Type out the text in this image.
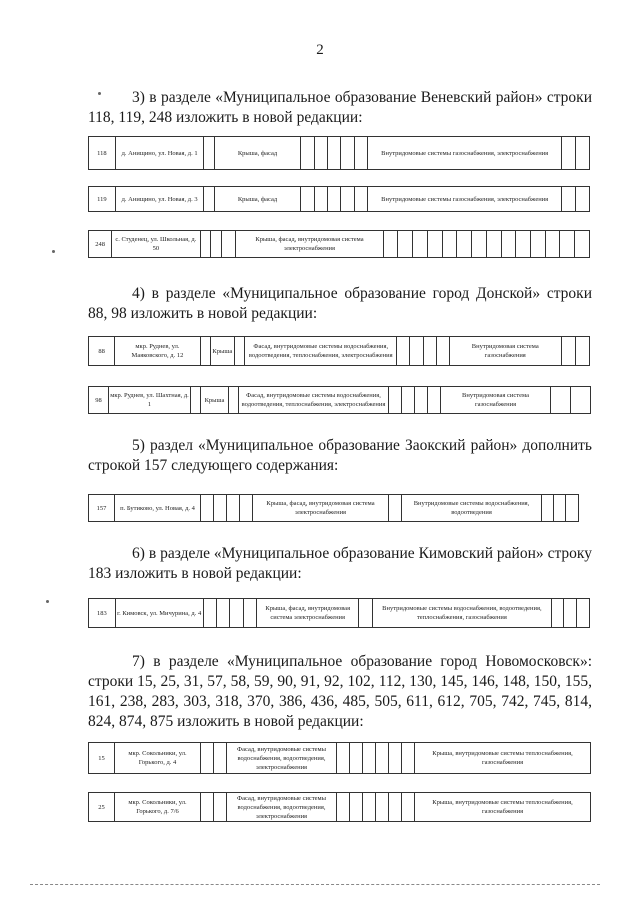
2

3) в разделе «Муниципальное образование Веневский район» строки 118, 119, 248 изложить в новой редакции:

118	д. Анищино, ул. Новая, д. 1		Крыша, фасад						Внутридомовые системы газоснабжения, электроснабжения		
119	д. Анищино, ул. Новая, д. 3		Крыша, фасад						Внутридомовые системы газоснабжения, электроснабжения		
248	с. Студенец, ул. Школьная, д. 50				Крыша, фасад, внутридомовая система электроснабжения														

4) в разделе «Муниципальное образование город Донской» строки 88, 98 изложить в новой редакции:

88	мкр. Руднев, ул. Маяковского, д. 12		Крыша		Фасад, внутридомовые системы водоснабжения, водоотведения, теплоснабжения, электроснабжения					Внутридомовая система газоснабжения		
98	мкр. Руднев, ул. Шахтная, д. 1		Крыша		Фасад, внутридомовые системы водоснабжения, водоотведения, теплоснабжения, электроснабжения					Внутридомовая система газоснабжения		

5) раздел «Муниципальное образование Заокский район» дополнить строкой 157 следующего содержания:

157	п. Бутиково, ул. Новая, д. 4					Крыша, фасад, внутридомовая система электроснабжения		Внутридомовые системы водоснабжения, водоотведения			

6) в разделе «Муниципальное образование Кимовский район» строку 183 изложить в новой редакции:

183	г. Кимовск, ул. Мичурина, д. 4					Крыша, фасад, внутридомовая система электроснабжения		Внутридомовые системы водоснабжения, водоотведения, теплоснабжения, газоснабжения			

7) в разделе «Муниципальное образование город Новомосковск»: строки 15, 25, 31, 57, 58, 59, 90, 91, 92, 102, 112, 130, 145, 146, 148, 150, 155, 161, 238, 283, 303, 318, 370, 386, 436, 485, 505, 611, 612, 705, 742, 745, 814, 824, 874, 875 изложить в новой редакции:

15	мкр. Сокольники, ул. Горького, д. 4			Фасад, внутридомовые системы водоснабжения, водоотведения, электроснабжения							Крыша, внутридомовые системы теплоснабжения, газоснабжения
25	мкр. Сокольники, ул. Горького, д. 7/6			Фасад, внутридомовые системы водоснабжения, водоотведения, электроснабжения							Крыша, внутридомовые системы теплоснабжения, газоснабжения
